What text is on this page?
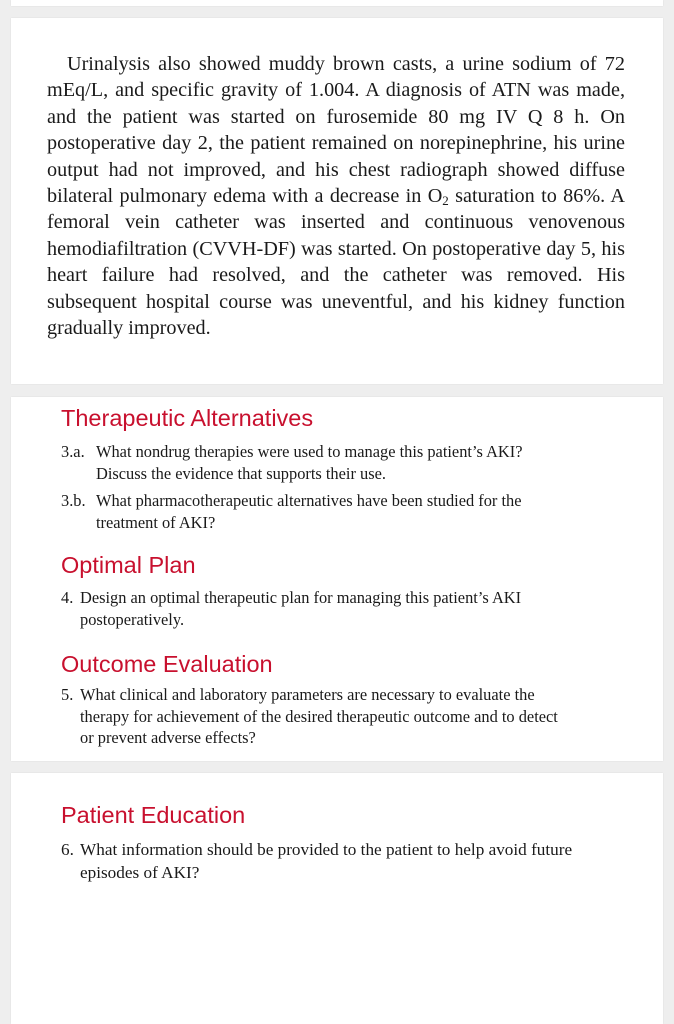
Urinalysis also showed muddy brown casts, a urine sodium of 72 mEq/L, and specific gravity of 1.004. A diagnosis of ATN was made, and the patient was started on furosemide 80 mg IV Q 8 h. On postoperative day 2, the patient remained on norepinephrine, his urine output had not improved, and his chest radiograph showed diffuse bilateral pulmonary edema with a decrease in $O_2$ saturation to 86%. A femoral vein catheter was inserted and continuous venovenous hemodiafiltration (CVVH-DF) was started. On postoperative day 5, his heart failure had resolved, and the catheter was removed. His subsequent hospital course was uneventful, and his kidney function gradually improved.

Therapeutic Alternatives
3.a. What nondrug therapies were used to manage this patient’s AKI? Discuss the evidence that supports their use.
3.b. What pharmacotherapeutic alternatives have been studied for the treatment of AKI?
Optimal Plan
4. Design an optimal therapeutic plan for managing this patient’s AKI postoperatively.
Outcome Evaluation
5. What clinical and laboratory parameters are necessary to evaluate the therapy for achievement of the desired therapeutic outcome and to detect or prevent adverse effects?
Patient Education
6. What information should be provided to the patient to help avoid future episodes of AKI?
